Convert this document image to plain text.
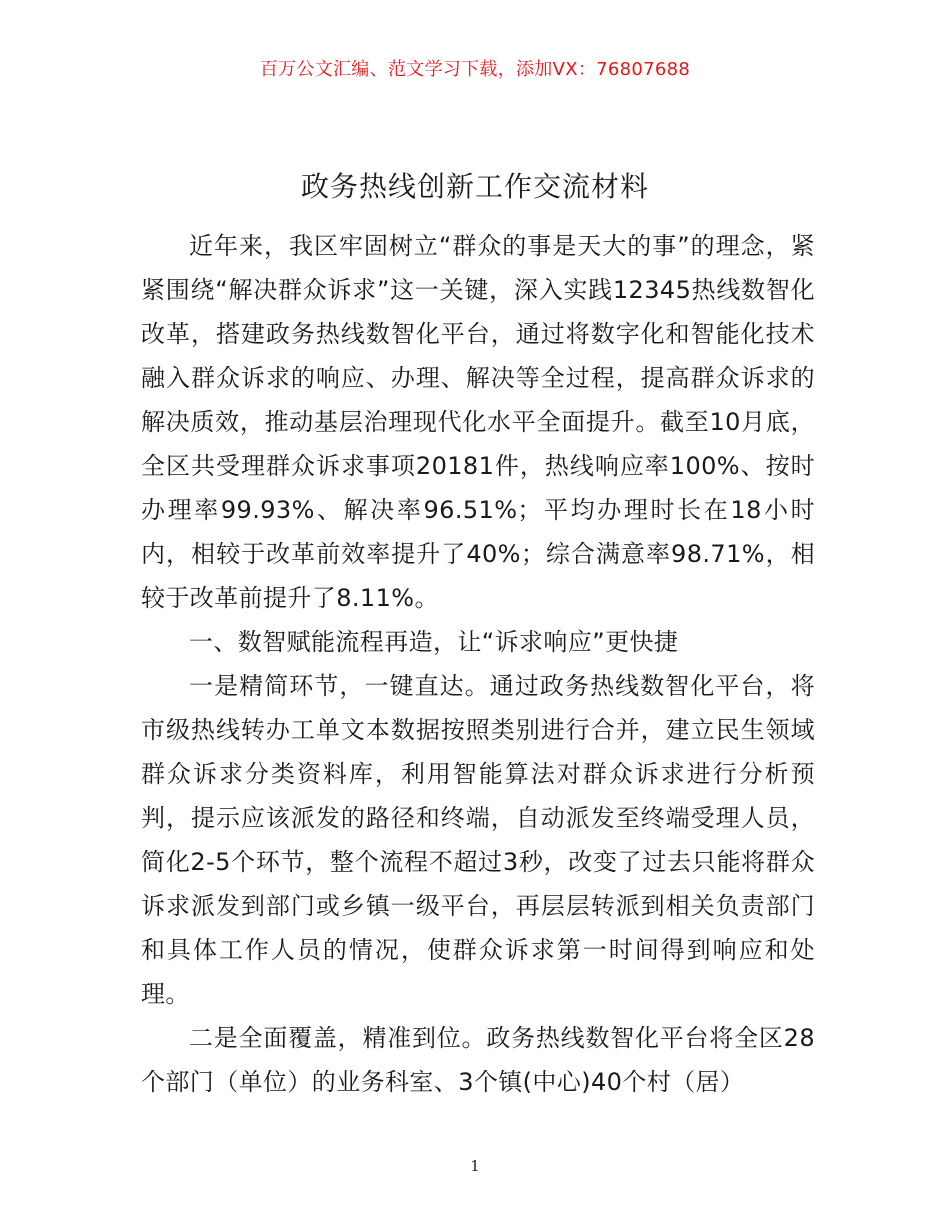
百万公文汇编、范文学习下载，添加VX：76807688
政务热线创新工作交流材料

近年来，我区牢固树立“群众的事是天大的事”的理念，紧紧围绕“解决群众诉求”这一关键，深入实践12345热线数智化改革，搭建政务热线数智化平台，通过将数字化和智能化技术融入群众诉求的响应、办理、解决等全过程，提高群众诉求的解决质效，推动基层治理现代化水平全面提升。截至10月底，全区共受理群众诉求事项20181件，热线响应率100%、按时办理率99.93%、解决率96.51%；平均办理时长在18小时内，相较于改革前效率提升了40%；综合满意率98.71%，相较于改革前提升了8.11%。

一、数智赋能流程再造，让“诉求响应”更快捷

一是精简环节，一键直达。通过政务热线数智化平台，将市级热线转办工单文本数据按照类别进行合并，建立民生领域群众诉求分类资料库，利用智能算法对群众诉求进行分析预判，提示应该派发的路径和终端，自动派发至终端受理人员，简化2-5个环节，整个流程不超过3秒，改变了过去只能将群众诉求派发到部门或乡镇一级平台，再层层转派到相关负责部门和具体工作人员的情况，使群众诉求第一时间得到响应和处理。

二是全面覆盖，精准到位。政务热线数智化平台将全区28个部门（单位）的业务科室、3个镇(中心)40个村（居）

1
